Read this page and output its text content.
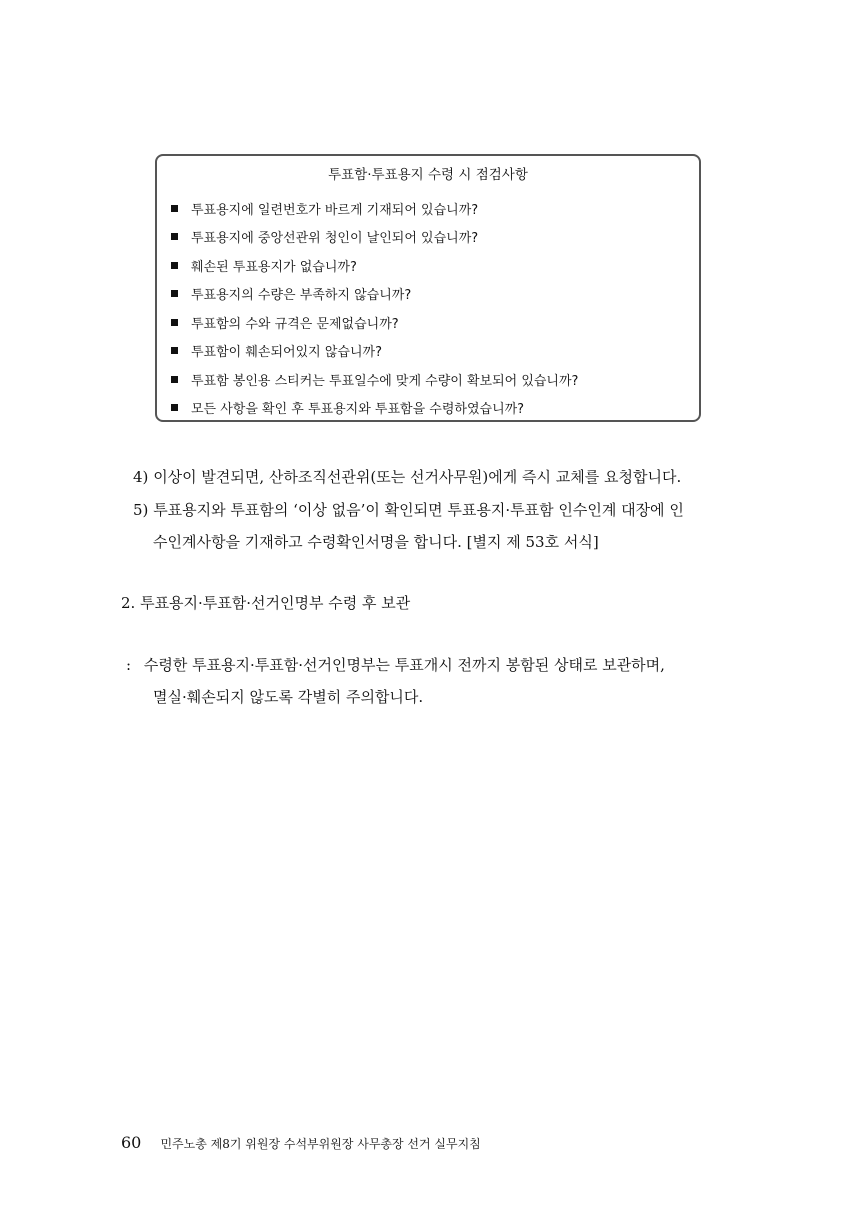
투표함·투표용지 수령 시 점검사항
투표용지에 일련번호가 바르게 기재되어 있습니까?
투표용지에 중앙선관위 청인이 날인되어 있습니까?
훼손된 투표용지가 없습니까?
투표용지의 수량은 부족하지 않습니까?
투표함의 수와 규격은 문제없습니까?
투표함이 훼손되어있지 않습니까?
투표함 봉인용 스티커는 투표일수에 맞게 수량이 확보되어 있습니까?
모든 사항을 확인 후 투표용지와 투표함을 수령하였습니까?
4) 이상이 발견되면, 산하조직선관위(또는 선거사무원)에게 즉시 교체를 요청합니다.
5) 투표용지와 투표함의 ‘이상 없음’이 확인되면 투표용지·투표함 인수인계 대장에 인
수인계사항을 기재하고 수령확인서명을 합니다. [별지 제 53호 서식]
2. 투표용지·투표함·선거인명부 수령 후 보관
: 수령한 투표용지·투표함·선거인명부는 투표개시 전까지 봉함된 상태로 보관하며,
멸실·훼손되지 않도록 각별히 주의합니다.
60 민주노총 제8기 위원장 수석부위원장 사무총장 선거 실무지침
